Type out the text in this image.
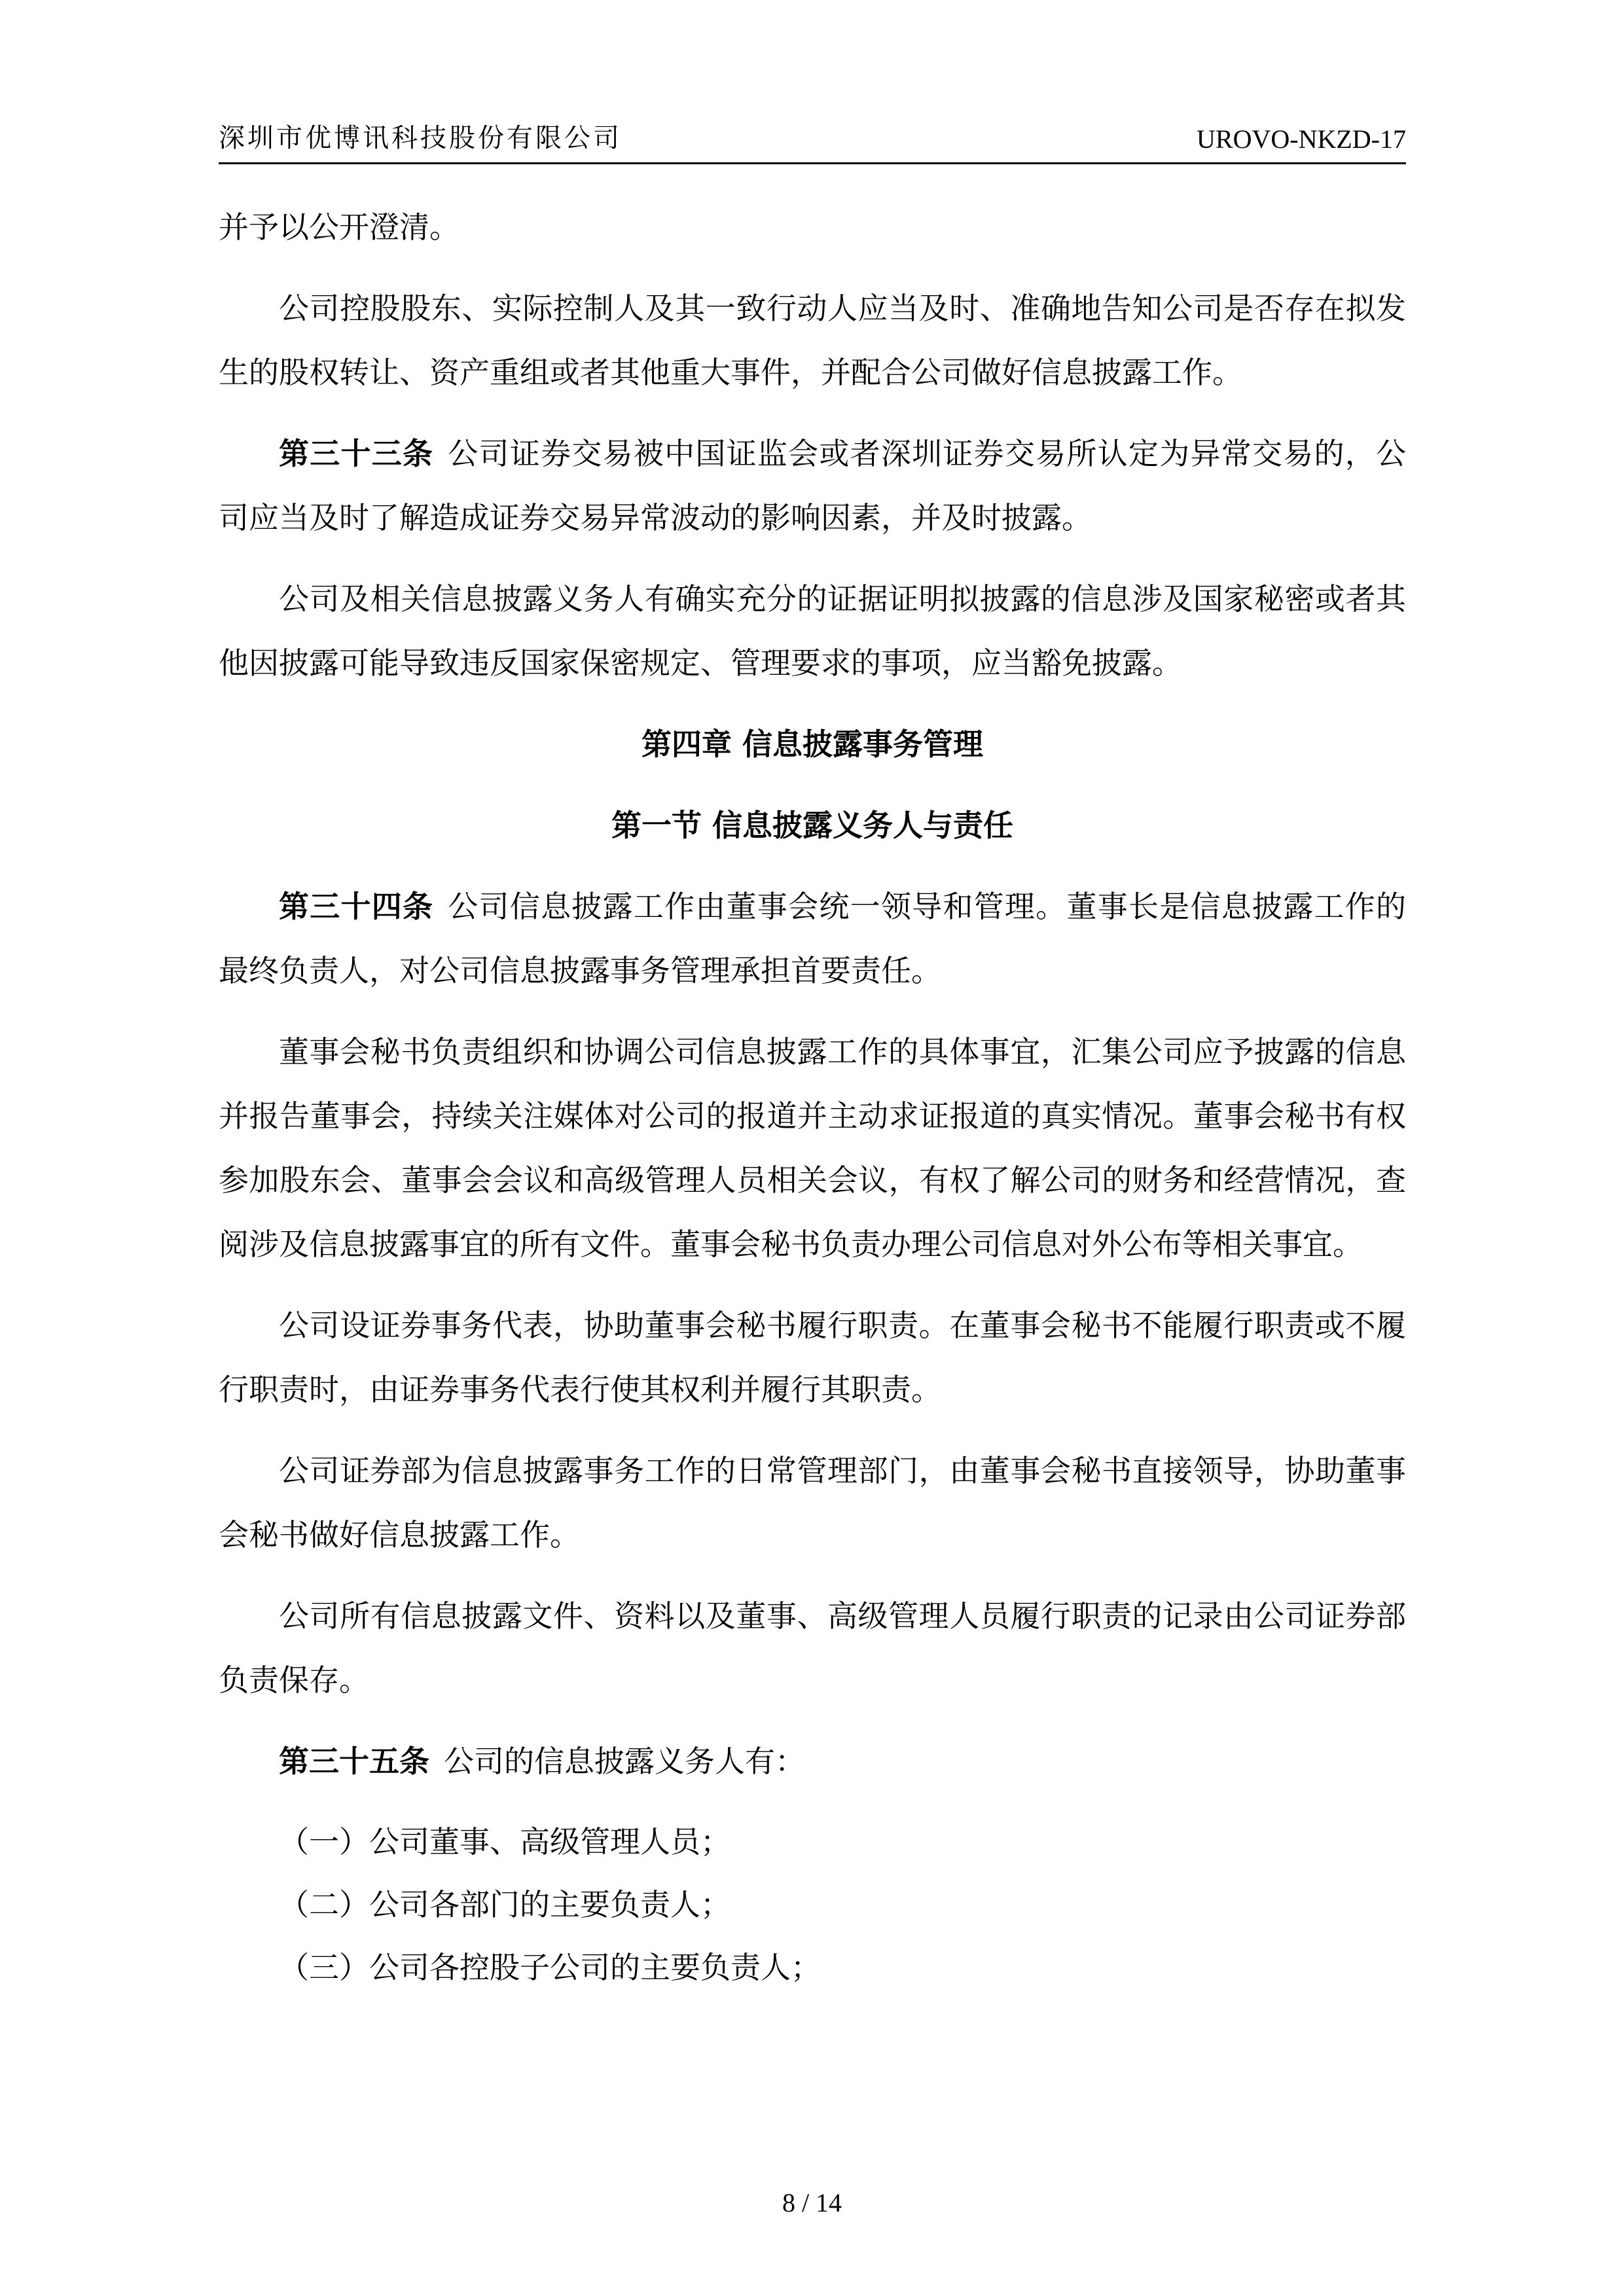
深圳市优博讯科技股份有限公司	UROVO-NKZD-17

并予以公开澄清。

公司控股股东、实际控制人及其一致行动人应当及时、准确地告知公司是否存在拟发生的股权转让、资产重组或者其他重大事件，并配合公司做好信息披露工作。

第三十三条 公司证券交易被中国证监会或者深圳证券交易所认定为异常交易的，公司应当及时了解造成证券交易异常波动的影响因素，并及时披露。

公司及相关信息披露义务人有确实充分的证据证明拟披露的信息涉及国家秘密或者其他因披露可能导致违反国家保密规定、管理要求的事项，应当豁免披露。

第四章 信息披露事务管理
第一节 信息披露义务人与责任

第三十四条 公司信息披露工作由董事会统一领导和管理。董事长是信息披露工作的最终负责人，对公司信息披露事务管理承担首要责任。

董事会秘书负责组织和协调公司信息披露工作的具体事宜，汇集公司应予披露的信息并报告董事会，持续关注媒体对公司的报道并主动求证报道的真实情况。董事会秘书有权参加股东会、董事会会议和高级管理人员相关会议，有权了解公司的财务和经营情况，查阅涉及信息披露事宜的所有文件。董事会秘书负责办理公司信息对外公布等相关事宜。

公司设证券事务代表，协助董事会秘书履行职责。在董事会秘书不能履行职责或不履行职责时，由证券事务代表行使其权利并履行其职责。

公司证券部为信息披露事务工作的日常管理部门，由董事会秘书直接领导，协助董事会秘书做好信息披露工作。

公司所有信息披露文件、资料以及董事、高级管理人员履行职责的记录由公司证券部负责保存。

第三十五条 公司的信息披露义务人有：

（一）公司董事、高级管理人员；

（二）公司各部门的主要负责人；

（三）公司各控股子公司的主要负责人；

8 / 14
